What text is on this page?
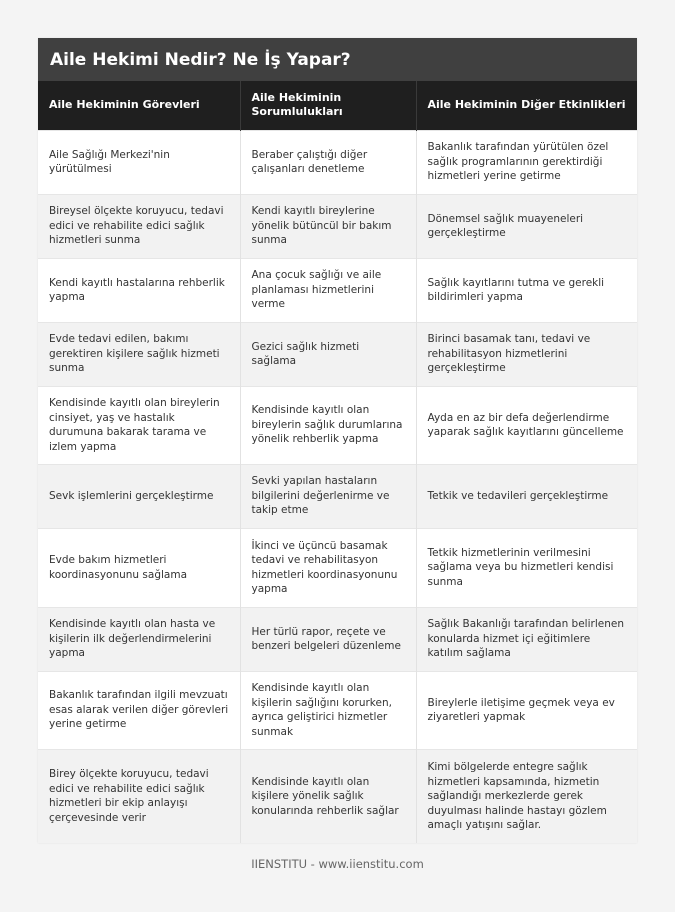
Aile Hekimi Nedir? Ne İş Yapar?
Aile Hekiminin Görevleri	Aile Hekiminin Sorumlulukları	Aile Hekiminin Diğer Etkinlikleri
Aile Sağlığı Merkezi'nin yürütülmesi	Beraber çalıştığı diğer çalışanları denetleme	Bakanlık tarafından yürütülen özel sağlık programlarının gerektirdiği hizmetleri yerine getirme
Bireysel ölçekte koruyucu, tedavi edici ve rehabilite edici sağlık hizmetleri sunma	Kendi kayıtlı bireylerine yönelik bütüncül bir bakım sunma	Dönemsel sağlık muayeneleri gerçekleştirme
Kendi kayıtlı hastalarına rehberlik yapma	Ana çocuk sağlığı ve aile planlaması hizmetlerini verme	Sağlık kayıtlarını tutma ve gerekli bildirimleri yapma
Evde tedavi edilen, bakımı gerektiren kişilere sağlık hizmeti sunma	Gezici sağlık hizmeti sağlama	Birinci basamak tanı, tedavi ve rehabilitasyon hizmetlerini gerçekleştirme
Kendisinde kayıtlı olan bireylerin cinsiyet, yaş ve hastalık durumuna bakarak tarama ve izlem yapma	Kendisinde kayıtlı olan bireylerin sağlık durumlarına yönelik rehberlik yapma	Ayda en az bir defa değerlendirme yaparak sağlık kayıtlarını güncelleme
Sevk işlemlerini gerçekleştirme	Sevki yapılan hastaların bilgilerini değerlenirme ve takip etme	Tetkik ve tedavileri gerçekleştirme
Evde bakım hizmetleri koordinasyonunu sağlama	İkinci ve üçüncü basamak tedavi ve rehabilitasyon hizmetleri koordinasyonunu yapma	Tetkik hizmetlerinin verilmesini sağlama veya bu hizmetleri kendisi sunma
Kendisinde kayıtlı olan hasta ve kişilerin ilk değerlendirmelerini yapma	Her türlü rapor, reçete ve benzeri belgeleri düzenleme	Sağlık Bakanlığı tarafından belirlenen konularda hizmet içi eğitimlere katılım sağlama
Bakanlık tarafından ilgili mevzuatı esas alarak verilen diğer görevleri yerine getirme	Kendisinde kayıtlı olan kişilerin sağlığını korurken, ayrıca geliştirici hizmetler sunmak	Bireylerle iletişime geçmek veya ev ziyaretleri yapmak
Birey ölçekte koruyucu, tedavi edici ve rehabilite edici sağlık hizmetleri bir ekip anlayışı çerçevesinde verir	Kendisinde kayıtlı olan kişilere yönelik sağlık konularında rehberlik sağlar	Kimi bölgelerde entegre sağlık hizmetleri kapsamında, hizmetin sağlandığı merkezlerde gerek duyulması halinde hastayı gözlem amaçlı yatışını sağlar.
IIENSTITU - www.iienstitu.com
